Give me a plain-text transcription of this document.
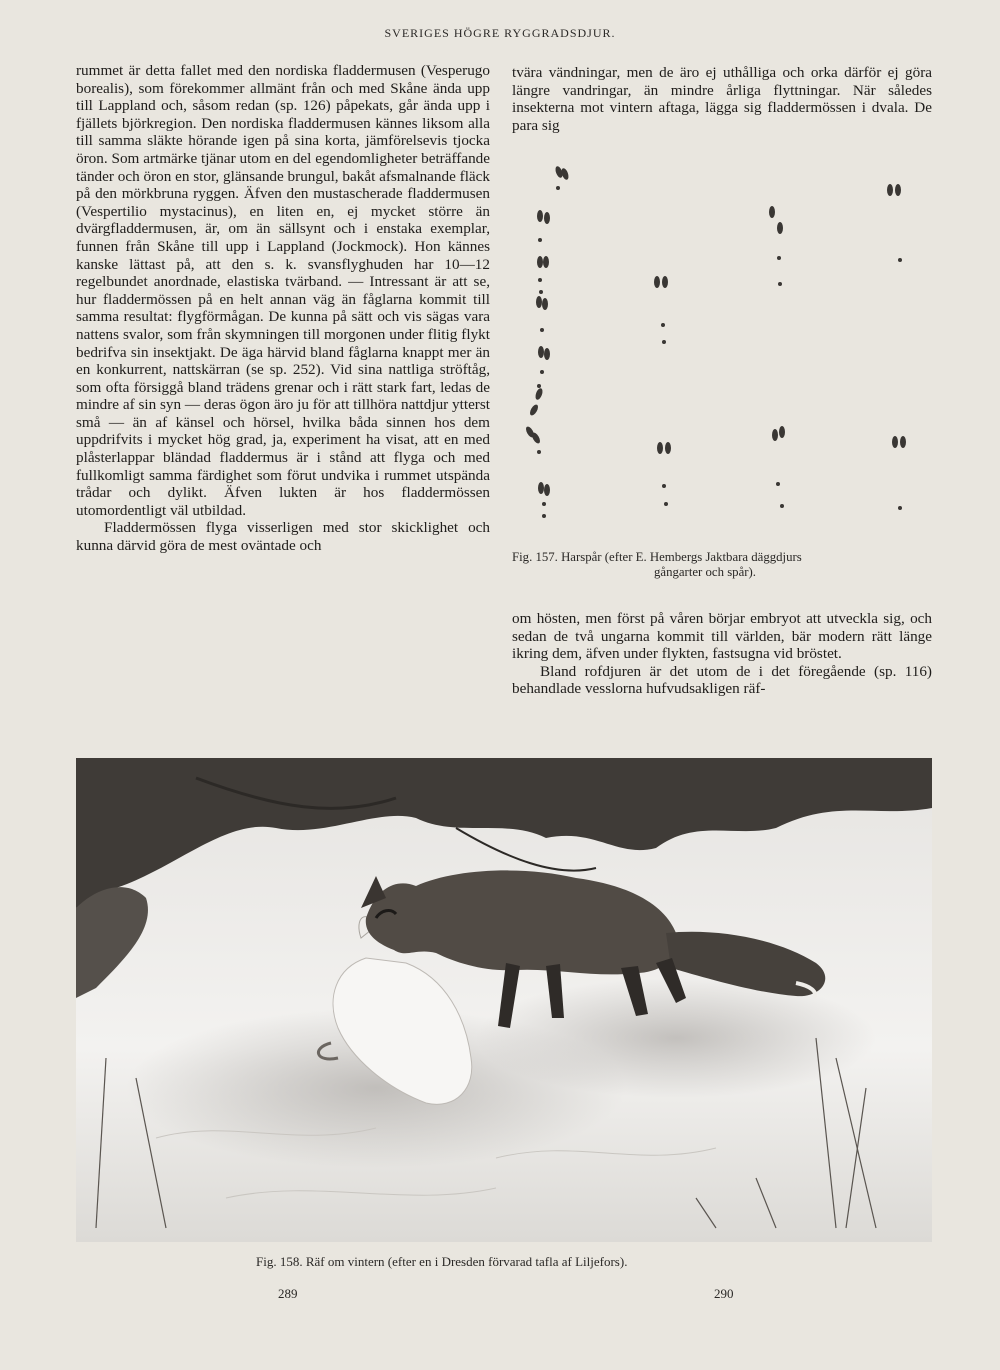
SVERIGES HÖGRE RYGGRADSDJUR.

rummet är detta fallet med den nordiska fladdermusen (Vesperugo borealis), som förekommer allmänt från och med Skåne ända upp till Lappland och, såsom redan (sp. 126) påpekats, går ända upp i fjällets björkregion. Den nordiska fladdermusen kännes liksom alla till samma släkte hörande igen på sina korta, jämförelsevis tjocka öron. Som artmärke tjänar utom en del egendomligheter beträffande tänder och öron en stor, glänsande brungul, bakåt afsmalnande fläck på den mörkbruna ryggen. Äfven den mustascherade fladdermusen (Vespertilio mystacinus), en liten en, ej mycket större än dvärgfladdermusen, är, om än sällsynt och i enstaka exemplar, funnen från Skåne till upp i Lappland (Jockmock). Hon kännes kanske lättast på, att den s. k. svansflyghuden har 10—12 regelbundet anordnade, elastiska tvärband. — Intressant är att se, hur fladdermössen på en helt annan väg än fåglarna kommit till samma resultat: flygförmågan. De kunna på sätt och vis sägas vara nattens svalor, som från skymningen till morgonen under flitig flykt bedrifva sin insektjakt. De äga härvid bland fåglarna knappt mer än en konkurrent, nattskärran (se sp. 252). Vid sina nattliga ströftåg, som ofta försiggå bland trädens grenar och i rätt stark fart, ledas de mindre af sin syn — deras ögon äro ju för att tillhöra nattdjur ytterst små — än af känsel och hörsel, hvilka båda sinnen hos dem uppdrifvits i mycket hög grad, ja, experiment ha visat, att en med plåsterlappar bländad fladdermus är i stånd att flyga och med fullkomligt samma färdighet som förut undvika i rummet utspända trådar och dylikt. Äfven lukten är hos fladdermössen utomordentligt väl utbildad.

Fladdermössen flyga visserligen med stor skicklighet och kunna därvid göra de mest oväntade och

tvära vändningar, men de äro ej uthålliga och orka därför ej göra längre vandringar, än mindre årliga flyttningar. När således insekterna mot vintern aftaga, lägga sig fladdermössen i dvala. De para sig
Fig. 157. Harspår (efter E. Hembergs Jaktbara däggdjurs
gångarter och spår).

om hösten, men först på våren börjar embryot att utveckla sig, och sedan de två ungarna kommit till världen, bär modern rätt länge ikring dem, äfven under flykten, fastsugna vid bröstet.

Bland rofdjuren är det utom de i det föregående (sp. 116) behandlade vesslorna hufvudsakligen räf-

Fig. 158. Räf om vintern (efter en i Dresden förvarad tafla af Liljefors).
289	290
